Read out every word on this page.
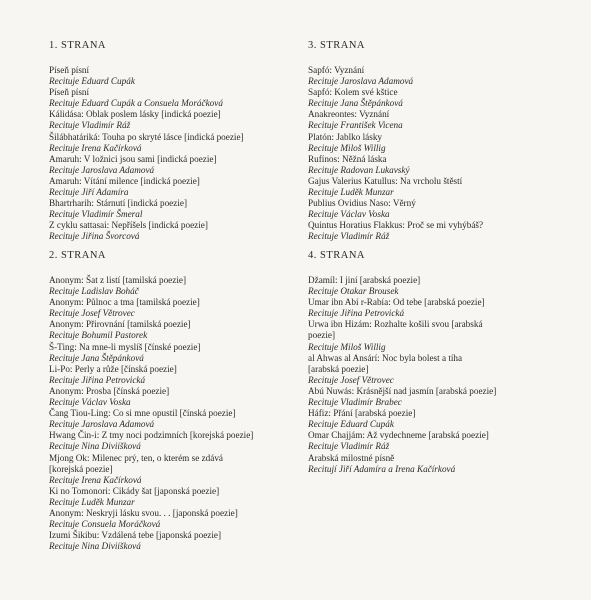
1. STRANA
Píseň písní
Recituje Eduard Cupák
Píseň písní
Recituje Eduard Cupák a Consuela Moráčková
Kálidása: Oblak poslem lásky [indická poezie]
Recituje Vladimír Ráž
Šilábhatáriká: Touha po skryté lásce [indická poezie]
Recituje Irena Kačírková
Amaruh: V ložnici jsou sami [indická poezie]
Recituje Jaroslava Adamová
Amaruh: Vítání milence [indická poezie]
Recituje Jiří Adamíra
Bhartrharih: Stárnutí [indická poezie]
Recituje Vladimír Šmeral
Z cyklu sattasai: Nepříšels [indická poezie]
Recituje Jiřina Švorcová
2. STRANA
Anonym: Šat z listí [tamilská poezie]
Recituje Ladislav Boháč
Anonym: Půlnoc a tma [tamilská poezie]
Recituje Josef Větrovec
Anonym: Přirovnání [tamilská poezie]
Recituje Bohumil Pastorek
Š-Ting: Na mne-li myslíš [čínské poezie]
Recituje Jana Štěpánková
Li-Po: Perly a růže [čínská poezie]
Recituje Jiřina Petrovická
Anonym: Prosba [čínská poezie]
Recituje Václav Voska
Čang Tiou-Ling: Co si mne opustil [čínská poezie]
Recituje Jaroslava Adamová
Hwang Čin-i: Z tmy noci podzimních [korejská poezie]
Recituje Nina Diviíšková
Mjong Ok: Milenec prý, ten, o kterém se zdává
[korejská poezie]
Recituje Irena Kačírková
Ki no Tomonori: Cikády šat [japonská poezie]
Recituje Luděk Munzar
Anonym: Neskryji lásku svou. . . [japonská poezie]
Recituje Consuela Moráčková
Izumi Šikibu: Vzdálená tebe [japonská poezie]
Recituje Nina Diviíšková
3. STRANA
Sapfó: Vyznání
Recituje Jaroslava Adamová
Sapfó: Kolem své kštice
Recituje Jana Štěpánková
Anakreontes: Vyznání
Recituje František Vicena
Platón: Jablko lásky
Recituje Miloš Willig
Rufínos: Něžná láska
Recituje Radovan Lukavský
Gajus Valerius Katullus: Na vrcholu štěstí
Recituje Luděk Munzar
Publius Ovidius Naso: Věrný
Recituje Václav Voska
Quintus Horatius Flakkus: Proč se mi vyhýbáš?
Recituje Vladimír Ráž
4. STRANA
Džamíl: I jiní [arabská poezie]
Recituje Otakar Brousek
Umar ibn Abí r-Rabía: Od tebe [arabská poezie]
Recituje Jiřina Petrovická
Urwa ibn Hizám: Rozhalte košili svou [arabská
poezie]
Recituje Miloš Willig
al Ahwas al Ansárí: Noc byla bolest a tíha
[arabská poezie]
Recituje Josef Větrovec
Abú Nuwás: Krásnější nad jasmín [arabská poezie]
Recituje Vladimír Brabec
Háfiz: Přání [arabská poezie]
Recituje Eduard Cupák
Omar Chajjám: Až vydechneme [arabská poezie]
Recituje Vladimír Ráž
Arabská milostné písně
Recitují Jiří Adamíra a Irena Kačírková
